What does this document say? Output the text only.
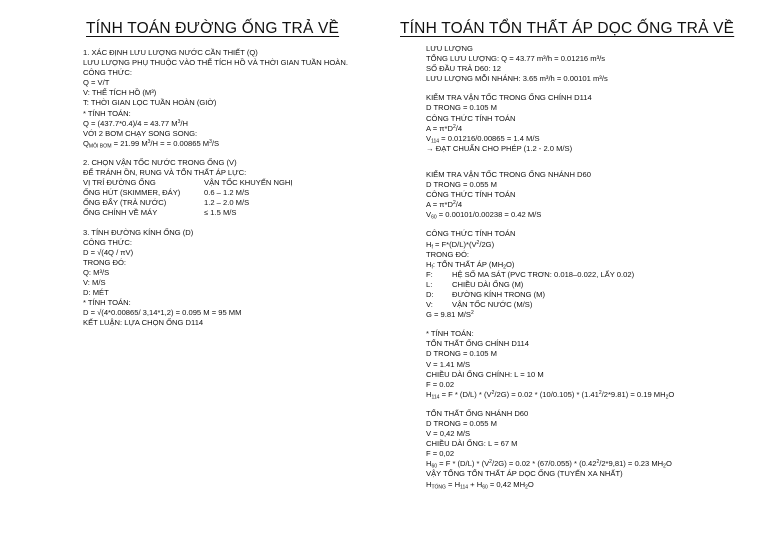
TÍNH TOÁN ĐƯỜNG ỐNG TRẢ VỀ	TÍNH TOÁN TỔN THẤT ÁP DỌC ỐNG TRẢ VỀ
1. XÁC ĐỊNH LƯU LƯỢNG NƯỚC CẦN THIẾT (Q)
LƯU LƯỢNG PHỤ THUỘC VÀO THỂ TÍCH HỒ VÀ THỜI GIAN TUẦN HOÀN.
CÔNG THỨC:
Q = V/T
V: THỂ TÍCH HỒ (M³)
T: THỜI GIAN LỌC TUẦN HOÀN (GIỜ)
* TÍNH TOÁN:
Q = (437.7*0.4)/4 = 43.77 $M^3/H$
VỚI 2 BƠM CHẠY SONG SONG:
$Q_{MỖI BƠM} = 21.99$ $M^3/H$ = = 0.00865 $M^3/S$
2. CHỌN VẬN TỐC NƯỚC TRONG ỐNG (V)
ĐỂ TRÁNH ỒN, RUNG VÀ TỔN THẤT ÁP LỰC:
VỊ TRÍ ĐƯỜNG ỐNG	VẬN TỐC KHUYẾN NGHỊ
ỐNG HÚT (SKIMMER, ĐÁY)	0.6 – 1.2 M/S
ỐNG ĐẨY (TRẢ NƯỚC)	1.2 – 2.0 M/S
ỐNG CHÍNH VỀ MÁY	≤ 1.5 M/S
3. TÍNH ĐƯỜNG KÍNH ỐNG (D)
CÔNG THỨC:
D = √(4Q / πV)
TRONG ĐÓ:
Q: M³/S
V: M/S
D: MÉT
* TÍNH TOÁN:
D = √(4*0.00865/ 3,14*1,2) = 0.095 M = 95 MM
KẾT LUẬN: LỰA CHỌN ỐNG D114
LƯU LƯỢNG
TỔNG LƯU LƯỢNG: Q = 43.77 m³/h = 0.01216 m³/s
SỐ ĐẦU TRẢ D60: 12
LƯU LƯỢNG MỖI NHÁNH: 3.65 m³/h = 0.00101 m³/s
KIỂM TRA VẬN TỐC TRONG ỐNG CHÍNH D114
D TRONG = 0.105 M
CÔNG THỨC TÍNH TOÁN
$A = \pi*D^2/4$
$V_{114} = 0.01216/0.00865 = 1.4$ M/S
→ ĐẠT CHUẨN CHO PHÉP (1.2 - 2.0 M/S)
KIỂM TRA VẬN TỐC TRONG ỐNG NHÁNH D60
D TRONG = 0.055 M
CÔNG THỨC TÍNH TOÁN
$A = \pi*D^2/4$
$V_{60} = 0.00101/0.00238 = 0.42$ M/S
CÔNG THỨC TÍNH TOÁN
$H_f = F*(D/L)*(V^2/2G)$
TRONG ĐÓ:
$H_f$: TỔN THẤT ÁP $(MH_2O)$
F:	HỆ SỐ MA SÁT (PVC TRƠN: 0.018–0.022, LẤY 0.02)
L:	CHIỀU DÀI ỐNG (M)
D:	ĐƯỜNG KÍNH TRONG (M)
V:	VẬN TỐC NƯỚC (M/S)
G = 9.81 $M/S^2$
* TÍNH TOÁN:
TỔN THẤT ỐNG CHÍNH D114
D TRONG = 0.105 M
V = 1.41 M/S
CHIỀU DÀI ỐNG CHÍNH: L = 10 M
F = 0.02
$H_{114} = F * (D/L) * (V^2/2G) = 0.02 * (10/0.105) * (1.41^2/2*9.81) = 0.19$ $MH_2O$
TỔN THẤT ỐNG NHÁNH D60
D TRONG = 0.055 M
V = 0,42 M/S
CHIỀU DÀI ỐNG: L = 67 M
F = 0,02
$H_{60} = F * (D/L) * (V^2/2G) = 0.02 * (67/0.055) * (0.42^2/2*9,81) = 0.23$ $MH_2O$
VẬY TỔNG TỔN THẤT ÁP DỌC ỐNG (TUYẾN XA NHẤT)
$H_{TỔNG} = H_{114} + H_{60} = 0,42$ $MH_2O$
